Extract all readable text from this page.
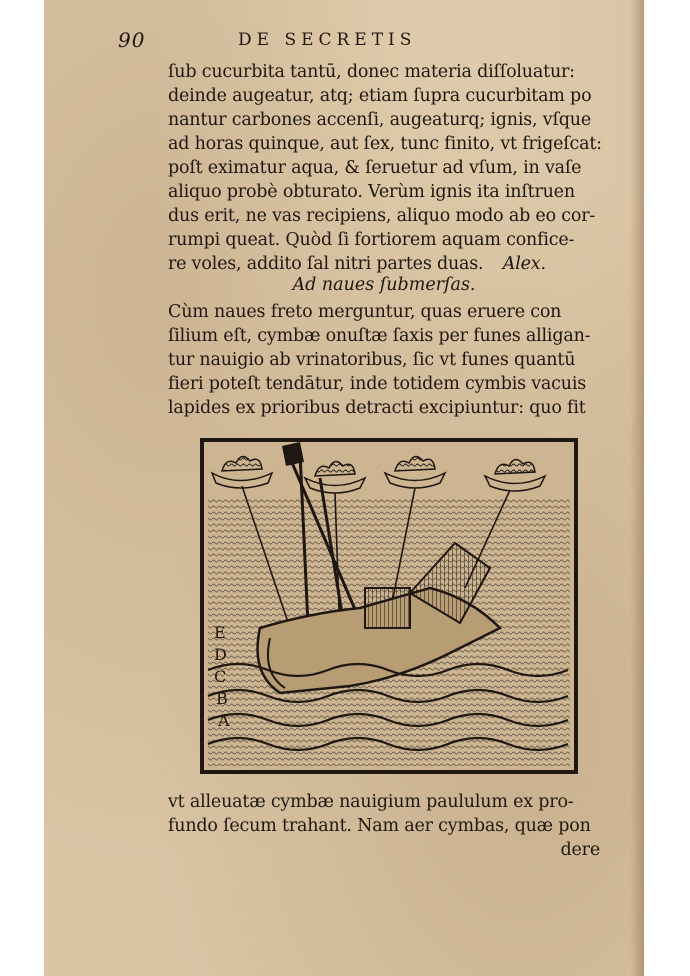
90	DE SECRETIS
ſub cucurbita tantū, donec materia diſſoluatur:
deinde augeatur, atq; etiam ſupra cucurbitam po
nantur carbones accenſi, augeaturq; ignis, vſque
ad horas quinque, aut ſex, tunc finito, vt frigeſcat:
poſt eximatur aqua, & ſeruetur ad vſum, in vaſe
aliquo probè obturato. Verùm ignis ita inſtruen
dus erit, ne vas recipiens, aliquo modo ab eo cor-
rumpi queat. Quòd ſi fortiorem aquam confice-
re voles, addito ſal nitri partes duas. Alex.
Ad naues ſubmerſas.
Cùm naues freto merguntur, quas eruere con
ſilium eſt, cymbæ onuſtæ ſaxis per funes alligan-
tur nauigio ab vrinatoribus, ſic vt funes quantū
fieri poteſt tendātur, inde totidem cymbis vacuis
lapides ex prioribus detracti excipiuntur: quo fit
E
D
C
B
A
vt alleuatæ cymbæ nauigium paululum ex pro-
fundo ſecum trahant. Nam aer cymbas, quæ pon
dere
